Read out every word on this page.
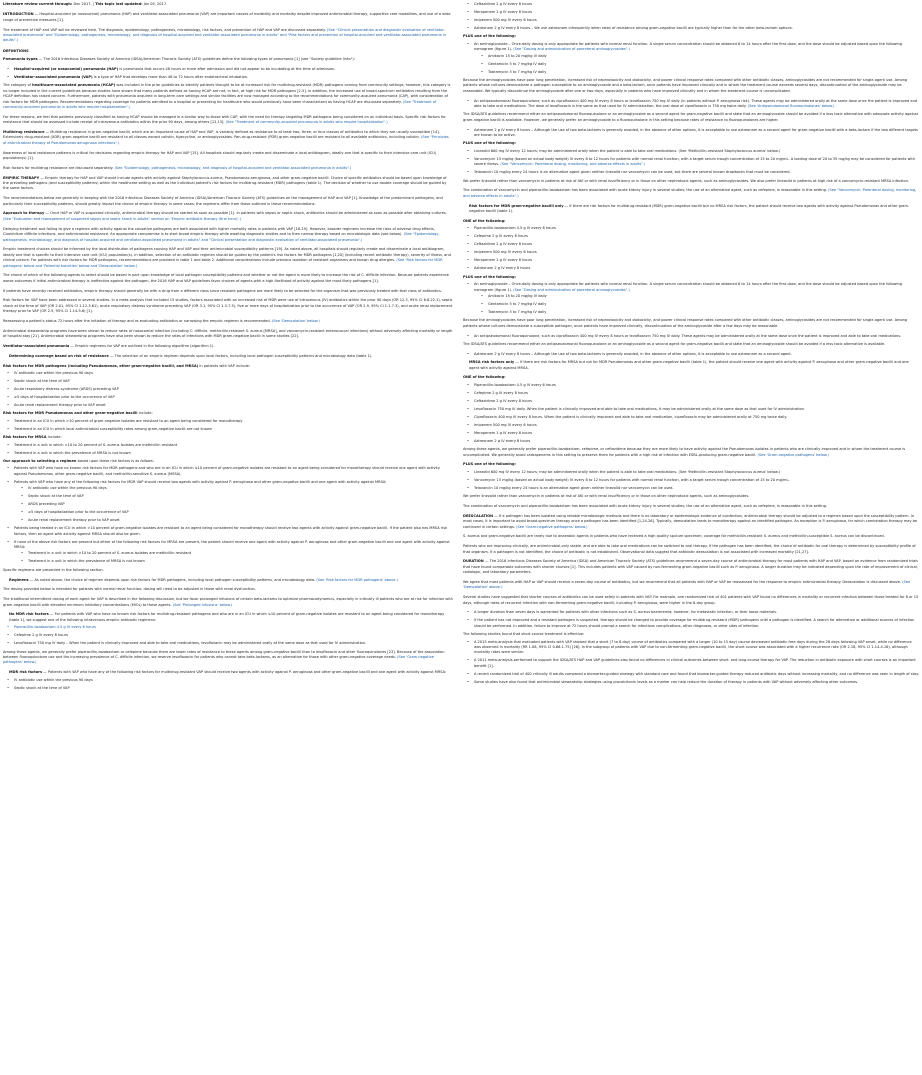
Literature review current through: Dec 2017. | This topic last updated: Jan 05, 2017.
INTRODUCTION — Hospital-acquired (or nosocomial) pneumonia (HAP) and ventilator-associated pneumonia (VAP) are important causes of morbidity and mortality despite improved antimicrobial therapy, supportive care modalities, and use of a wide range of preventive measures [1].
The treatment of HAP and VAP will be reviewed here. The diagnosis, epidemiology, pathogenesis, microbiology, risk factors, and prevention of HAP and VAP are discussed separately. (See "Clinical presentation and diagnostic evaluation of ventilator-associated pneumonia" and "Epidemiology, pathogenesis, microbiology, and diagnosis of hospital-acquired and ventilator-associated pneumonia in adults" and "Risk factors and prevention of hospital-acquired and ventilator-associated pneumonia in adults".)
DEFINITIONS
Pneumonia types — The 2016 Infectious Diseases Society of America (IDSA)/American Thoracic Society (ATS) guidelines define the following types of pneumonia [1] (see "Society guideline links"):
• Hospital-acquired (or nosocomial) pneumonia (HAP) is pneumonia that occurs 48 hours or more after admission and did not appear to be incubating at the time of admission.
• Ventilator-associated pneumonia (VAP) is a type of HAP that develops more than 48 to 72 hours after endotracheal intubation.
The category of healthcare-associated pneumonia (HCAP) was included in the prior guidelines to identify patients thought to be at increased risk for multidrug-resistant (MDR) pathogens coming from community settings; however, this category is no longer included in the current guidelines because studies have shown that many patients defined as having HCAP are not, in fact, at high risk for MDR pathogens [2-5]. In addition, the increased use of broad-spectrum antibiotics resulting from the HCAP definition has raised concern. Furthermore, patients with pneumonia acquired in long-term care settings and similar facilities are now managed according to the recommendations for community-acquired pneumonia (CAP), with consideration of risk factors for MDR pathogens. Recommendations regarding coverage for patients admitted to a hospital or presenting for healthcare who would previously have been characterized as having HCAP are discussed separately. (See "Treatment of community-acquired pneumonia in adults who require hospitalization".)
For these reasons, we feel that patients previously classified as having HCAP should be managed in a similar way to those with CAP, with the need for therapy targeting MDR pathogens being considered on an individual basis. Specific risk factors for resistance that should be assessed include receipt of intravenous antibiotics within the prior 90 days, among others [12,13]. (See "Treatment of community-acquired pneumonia in adults who require hospitalization".)
Multidrug resistance — Multidrug resistance in gram-negative bacilli, which are an important cause of HAP and VAP, is variably defined as resistance to at least two, three, or four classes of antibiotics to which they are usually susceptible [14]. Extensively drug-resistant (XDR) gram-negative bacilli are resistant to all classes except colistin, tigecycline, or aminoglycosides. Pan-drug-resistant (PDR) gram-negative bacilli are resistant to all available antibiotics, including colistin. (See "Principles of antimicrobial therapy of Pseudomonas aeruginosa infections".)
Awareness of local resistance patterns is critical for decisions regarding empiric therapy for HAP and VAP [15]. All hospitals should regularly create and disseminate a local antibiogram, ideally one that is specific to their intensive care unit (ICU) population(s) [1].
Risk factors for multidrug resistance are discussed separately. (See "Epidemiology, pathogenesis, microbiology, and diagnosis of hospital-acquired and ventilator-associated pneumonia in adults".)
EMPIRIC THERAPY — Empiric therapy for HAP and VAP should include agents with activity against Staphylococcus aureus, Pseudomonas aeruginosa, and other gram-negative bacilli. Choice of specific antibiotics should be based upon knowledge of the prevailing pathogens (and susceptibility patterns) within the healthcare setting as well as the individual patient's risk factors for multidrug-resistant (MDR) pathogens (table 1). The decision of whether to use double coverage should be guided by the same factors.
The recommendations below are generally in keeping with the 2016 Infectious Diseases Society of America (IDSA)/American Thoracic Society (ATS) guidelines on the management of HAP and VAP [1]. Knowledge of the predominant pathogens, and particularly their susceptibility patterns, should greatly impact the choice of empiric therapy in some cases; the regimens differ from those outlined in these recommendations.
Approach to therapy — Once HAP or VAP is suspected clinically, antimicrobial therapy should be started as soon as possible [1]. In patients with sepsis or septic shock, antibiotics should be administered as soon as possible after obtaining cultures. (See "Evaluation and management of suspected sepsis and septic shock in adults" section on 'Empiric antibiotic therapy (first hour)'.)
Delaying treatment and failing to give a regimen with activity against the causative pathogens are both associated with higher mortality rates in patients with VAP [16-19]. However, broader regimens increase the risks of adverse drug effects, Clostridium difficile infections, and antimicrobial resistance. An appropriate compromise is to start broad empiric therapy while awaiting diagnostic studies and to then narrow therapy based on microbiologic data (see below). (See "Epidemiology, pathogenesis, microbiology, and diagnosis of hospital-acquired and ventilator-associated pneumonia in adults" and "Clinical presentation and diagnostic evaluation of ventilator-associated pneumonia".)
Empiric treatment choices should be informed by the local distribution of pathogens causing HAP and VAP and their antimicrobial susceptibility patterns [19]. As noted above, all hospitals should regularly create and disseminate a local antibiogram, ideally one that is specific to their intensive care unit (ICU) population(s). In addition, selection of an antibiotic regimen should be guided by the patient's risk factors for MDR pathogens [1,20] (including recent antibiotic therapy), severity of illness, and clinical picture. For patients with risk factors for MDR pathogens, recommendations are provided in table 1 and table 2. Additional considerations include previous isolation of resistant organisms and known drug allergies. (See 'Risk factors for MDR pathogens' below and 'Potential toxicities' below and 'Deescalation' below.)
The choice of which of the following agents to select should be based in part upon knowledge of local pathogen susceptibility patterns and whether or not the agent is more likely to increase the risk of C. difficile infection. Because patients experience worse outcomes if initial antimicrobial therapy is ineffective against the pathogen, the 2016 HAP and VAP guidelines favor choices of agents with a high likelihood of activity against the most likely pathogens [1].
If patients have recently received antibiotics, empiric therapy should generally be with a drug from a different class since resistant pathogens are more likely to be selected for the organism that was previously treated with that class of antibiotics.
Risk factors for VAP have been addressed in several studies. In a meta-analysis that included 15 studies, factors associated with an increased risk of MDR were use of intravenous (IV) antibiotics within the prior 90 days (OR 12.3, 95% CI 6.8-22.1), septic shock at the time of VAP (OR 2.01, 95% CI 1.12-3.61), acute respiratory distress syndrome preceding VAP (OR 3.1, 95% CI 1.3-7.5), five or more days of hospitalization prior to the occurrence of VAP (OR 2.9, 95% CI 1.1-7.3), and acute renal replacement therapy prior to VAP (OR 2.5, 95% CI 1.14-5.6) [1].
Reassessing a patient's status 72 hours after the initiation of therapy and re-evaluating antibiotics or narrowing the empiric regimen is recommended. (See 'Deescalation' below.)
Antimicrobial stewardship programs have been shown to reduce rates of nosocomial infection (including C. difficile, methicillin-resistant S. aureus [MRSA], and vancomycin-resistant enterococcal infections) without adversely affecting mortality or length of hospital stay [21]. Antimicrobial stewardship programs have also been shown to reduce the rates of infections with MDR gram-negative bacilli in some studies [22].
Ventilator-associated pneumonia — Empiric regimens for VAP are outlined in the following algorithm (algorithm 1).
Determining coverage based on risk of resistance — The selection of an empiric regimen depends upon local factors, including local pathogen susceptibility patterns and microbiology data (table 1).
Risk factors for MDR pathogens (including Pseudomonas, other gram-negative bacilli, and MRSA) in patients with VAP include:
• IV antibiotic use within the previous 90 days
• Septic shock at the time of VAP
• Acute respiratory distress syndrome (ARDS) preceding VAP
• ≥5 days of hospitalization prior to the occurrence of VAP
• Acute renal replacement therapy prior to VAP onset
Risk factors for MDR Pseudomonas and other gram-negative bacilli include:
• Treatment in an ICU in which >10 percent of gram-negative isolates are resistant to an agent being considered for monotherapy
• Treatment in an ICU in which local antimicrobial susceptibility rates among gram-negative bacilli are not known
Risk factors for MRSA include:
• Treatment in a unit in which >10 to 20 percent of S. aureus isolates are methicillin resistant
• Treatment in a unit in which the prevalence of MRSA is not known
Our approach to selecting a regimen based upon these risk factors is as follows:
• Patients with VAP who have no known risk factors for MDR pathogens and who are in an ICU in which ≤10 percent of gram-negative isolates are resistant to an agent being considered for monotherapy should receive one agent with activity against Pseudomonas, other gram-negative bacilli, and methicillin-sensitive S. aureus (MSSA).
• Patients with VAP who have any of the following risk factors for MDR VAP should receive two agents with activity against P. aeruginosa and other gram-negative bacilli and one agent with activity against MRSA:
• IV antibiotic use within the previous 90 days
• Septic shock at the time of VAP
• ARDS preceding VAP
• ≥5 days of hospitalization prior to the occurrence of VAP
• Acute renal replacement therapy prior to VAP onset
• Patients being treated in an ICU in which >10 percent of gram-negative isolates are resistant to an agent being considered for monotherapy should receive two agents with activity against gram-negative bacilli. If the patient also has MRSA risk factors, then an agent with activity against MRSA should also be given.
• If none of the above risk factors are present but either of the following risk factors for MRSA are present, the patient should receive one agent with activity against P. aeruginosa and other gram-negative bacilli and one agent with activity against MRSA:
• Treatment in a unit in which >10 to 20 percent of S. aureus isolates are methicillin resistant
• Treatment in a unit in which the prevalence of MRSA is not known
Specific regimens are presented in the following section.
Regimens — As noted above, the choice of regimen depends upon risk factors for MDR pathogens, including local pathogen susceptibility patterns, and microbiology data. (See 'Risk factors for MDR pathogens' above.)
The dosing provided below is intended for patients with normal renal function; dosing will need to be adjusted in those with renal dysfunction.
The traditional intermittent dosing of each agent for VAP is described in the following discussion, but we favor prolonged infusions of certain beta-lactams to optimize pharmacodynamics, especially in critically ill patients who are at risk for infection with gram-negative bacilli with elevated minimum inhibitory concentrations (MICs) to these agents. (See 'Prolonged infusions' below.)
No MDR risk factors — For patients with VAP who have no known risk factors for multidrug-resistant pathogens and who are in an ICU in which ≤10 percent of gram-negative isolates are resistant to an agent being considered for monotherapy (table 1), we suggest one of the following intravenous empiric antibiotic regimens:
• Piperacillin-tazobactam 4.5 g IV every 6 hours
• Cefepime 2 g IV every 8 hours
• Levofloxacin 750 mg IV daily – When the patient is clinically improved and able to take oral medications, levofloxacin may be administered orally at the same dose as that used for IV administration.
Among these agents, we generally prefer piperacillin-tazobactam or cefepime because there are lower rates of resistance to these agents among gram-negative bacilli than to levofloxacin and other fluoroquinolones [23]. Because of the association between fluoroquinolone use and the increasing prevalence of C. difficile infection, we reserve levofloxacin for patients who cannot take beta-lactams, as an alternative for those with other gram-negative coverage needs. (See 'Gram-negative pathogens' below.)
MDR risk factors — Patients with VAP who have any of the following risk factors for multidrug-resistant VAP should receive two agents with activity against P. aeruginosa and other gram-negative bacilli and one agent with activity against MRSA:
• IV antibiotic use within the previous 90 days
• Septic shock at the time of VAP
• Ceftazidime 2 g IV every 8 hours
• Meropenem 1 g IV every 8 hours
• Imipenem 500 mg IV every 6 hours
• Aztreonam 2 g IV every 8 hours – We use aztreonam infrequently when rates of resistance among gram-negative bacilli are typically higher than for the other beta-lactam options.
PLUS one of the following:
• An aminoglycoside – Once-daily dosing is only appropriate for patients with normal renal function. A single serum concentration should be obtained 6 to 14 hours after the first dose, and the dose should be adjusted based upon the following nomogram (figure 1). (See "Dosing and administration of parenteral aminoglycosides".)
• Amikacin 15 to 20 mg/kg IV daily
• Gentamicin 5 to 7 mg/kg IV daily
• Tobramycin 5 to 7 mg/kg IV daily
Because the aminoglycosides have poor lung penetration, increased risk of nephrotoxicity and ototoxicity, and poorer clinical response rates compared with other antibiotic classes, aminoglycosides are not recommended for single-agent use. Among patients whose cultures demonstrate a pathogen susceptible to an aminoglycoside and a beta-lactam, once patients have improved clinically and in whom the treatment course exceeds several days, discontinuation of the aminoglycoside may be reasonable. We typically discontinue the aminoglycoside after one or two days, especially in patients who have improved clinically and in whom the treatment course is uncomplicated.
• An antipseudomonal fluoroquinolone, such as ciprofloxacin 400 mg IV every 8 hours or levofloxacin 750 mg IV daily (in patients without P. aeruginosa risk). These agents may be administered orally at the same dose once the patient is improved and able to take oral medications. The dose of levofloxacin is the same as that used for IV administration; the oral dose of ciprofloxacin is 750 mg twice daily. (See 'Antipseudomonal fluoroquinolones' below.)
The IDSA/ATS guidelines recommend either an antipseudomonal fluoroquinolone or an aminoglycoside as a second agent for gram-negative bacilli and state that an aminoglycoside should be avoided if a less toxic alternative with adequate activity against gram-negative bacilli is available. However, we generally prefer an aminoglycoside to a fluoroquinolone in this setting because rates of resistance to fluoroquinolones are higher.
• Aztreonam 2 g IV every 8 hours – Although the use of two beta-lactams is generally avoided, in the absence of other options, it is acceptable to use aztreonam as a second agent for gram-negative bacilli with a beta-lactam if the two different targets are known to be active.
PLUS one of the following:
• Linezolid 600 mg IV every 12 hours; may be administered orally when the patient is able to take oral medications. (See 'Methicillin-resistant Staphylococcus aureus' below.)
• Vancomycin 15 mg/kg (based on actual body weight) IV every 8 to 12 hours for patients with normal renal function, with a target serum trough concentration of 15 to 20 mg/mL. A loading dose of 20 to 35 mg/kg may be considered for patients with severe illness. (See "Vancomycin: Parenteral dosing, monitoring, and adverse effects in adults".)
• Telavancin 10 mg/kg every 24 hours is an alternative agent given neither linezolid nor vancomycin can be used, but there are several known drawbacks that must be considered.
We prefer linezolid rather than vancomycin in patients at risk of AKI or with renal insufficiency or in those on other nephrotoxic agents, such as aminoglycosides. We also prefer linezolid in patients at high risk of a vancomycin-resistant MRSA infection.
The combination of vancomycin and piperacillin-tazobactam has been associated with acute kidney injury in several studies; the use of an alternative agent, such as cefepime, is reasonable in this setting. (See "Vancomycin: Parenteral dosing, monitoring, and adverse effects in adults".)
Risk factors for MDR gram-negative bacilli only — If there are risk factors for multidrug-resistant (MDR) gram-negative bacilli but no MRSA risk factors, the patient should receive two agents with activity against Pseudomonas and other gram-negative bacilli (table 1).
ONE of the following:
• Piperacillin-tazobactam 4.5 g IV every 6 hours
• Cefepime 2 g IV every 8 hours
• Ceftazidime 2 g IV every 8 hours
• Imipenem 500 mg IV every 6 hours
• Meropenem 1 g IV every 8 hours
• Aztreonam 2 g IV every 8 hours
PLUS one of the following:
• An aminoglycoside – Once-daily dosing is only appropriate for patients with normal renal function. A single serum concentration should be obtained 6 to 14 hours after the first dose, and the dose should be adjusted based upon the following nomogram (figure 1). (See "Dosing and administration of parenteral aminoglycosides".)
• Amikacin 15 to 20 mg/kg IV daily
• Gentamicin 5 to 7 mg/kg IV daily
• Tobramycin 5 to 7 mg/kg IV daily
Because the aminoglycosides have poor lung penetration, increased risk of nephrotoxicity and ototoxicity, and poorer clinical response rates compared with other antibiotic classes, aminoglycosides are not recommended for single-agent use. Among patients whose cultures demonstrate a susceptible pathogen, once patients have improved clinically, discontinuation of the aminoglycoside after a few days may be reasonable.
• An antipseudomonal fluoroquinolone, such as ciprofloxacin 400 mg IV every 8 hours or levofloxacin 750 mg IV daily. These agents may be administered orally at the same dose once the patient is improved and able to take oral medications.
The IDSA/ATS guidelines recommend either an antipseudomonal fluoroquinolone or an aminoglycoside as a second agent for gram-negative bacilli and state that an aminoglycoside should be avoided if a less toxic alternative is available.
• Aztreonam 2 g IV every 8 hours – Although the use of two beta-lactams is generally avoided, in the absence of other options, it is acceptable to use aztreonam as a second agent.
MRSA risk factors only — If there are risk factors for MRSA but not for MDR Pseudomonas and other gram-negative bacilli (table 1), the patient should receive one agent with activity against P. aeruginosa and other gram-negative bacilli and one agent with activity against MRSA.
ONE of the following:
• Piperacillin-tazobactam 4.5 g IV every 6 hours
• Cefepime 2 g IV every 8 hours
• Ceftazidime 2 g IV every 8 hours
• Levofloxacin 750 mg IV daily. When the patient is clinically improved and able to take oral medications, it may be administered orally at the same dose as that used for IV administration.
• Ciprofloxacin 400 mg IV every 8 hours. When the patient is clinically improved and able to take oral medication, ciprofloxacin may be administered orally at 750 mg twice daily.
• Imipenem 500 mg IV every 6 hours
• Meropenem 1 g IV every 8 hours
• Aztreonam 2 g IV every 8 hours
Among these agents, we generally prefer piperacillin-tazobactam, cefepime, or ceftazidime because they are more likely to have activity against the Pseudomonas isolates in patients who are clinically improved and in whom the treatment course is uncomplicated. We generally avoid carbapenems in this setting to preserve them for patients with a high risk of infection with ESBL-producing gram-negative bacilli. (See 'Gram-negative pathogens' below.)
PLUS one of the following:
• Linezolid 600 mg IV every 12 hours; may be administered orally when the patient is able to take oral medications. (See 'Methicillin-resistant Staphylococcus aureus' below.)
• Vancomycin 15 mg/kg (based on actual body weight) IV every 8 to 12 hours for patients with normal renal function, with a target serum trough concentration of 15 to 20 mg/mL.
• Telavancin 10 mg/kg every 24 hours is an alternative agent given neither linezolid nor vancomycin can be used.
We prefer linezolid rather than vancomycin in patients at risk of AKI or with renal insufficiency or in those on other nephrotoxic agents, such as aminoglycosides.
The combination of vancomycin and piperacillin-tazobactam has been associated with acute kidney injury in several studies; the use of an alternative agent, such as cefepime, is reasonable in this setting.
DEESCALATION — If a pathogen has been isolated using reliable microbiologic methods and there is no laboratory or epidemiologic evidence of coinfection, antimicrobial therapy should be adjusted to a regimen based upon the susceptibility pattern. In most cases, it is important to avoid broad-spectrum therapy once a pathogen has been identified [1,24-26]. Typically, deescalation leads to monotherapy against an identified pathogen. An exception is P. aeruginosa, for which combination therapy may be continued in certain settings. (See 'Gram-negative pathogens' below.)
S. aureus and gram-negative bacilli are rarely due to anaerobic agents in patients who have received a high quality sputum specimen; coverage for methicillin-resistant S. aureus and methicillin-susceptible S. aureus can be discontinued.
Patients who are improving clinically, are antimicrobial-only stable, and are able to take oral medications can be switched to oral therapy. If the pathogen has been identified, the choice of antibiotic for oral therapy is determined by susceptibility profile of that organism. If a pathogen is not identified, the choice of antibiotic is not established. Observational data suggest that antibiotic deescalation is not associated with increased mortality [21,27].
DURATION — The 2016 Infectious Diseases Society of America (IDSA) and American Thoracic Society (ATS) guidelines recommend a seven-day course of antimicrobial therapy for most patients with HAP and VAP, based on evidence from randomized trials that have found comparable outcomes with shorter courses [1]. This includes patients with VAP caused by non-fermenting gram-negative bacilli such as P. aeruginosa. A longer duration may be indicated depending upon the rate of improvement of clinical, radiologic, and laboratory parameters.
We agree that most patients with HAP or VAP should receive a seven-day course of antibiotics, but we recommend that all patients with HAP or VAP be reassessed for the response to empiric antimicrobial therapy. Deescalation is discussed above. (See 'Deescalation' above.)
Several studies have suggested that shorter courses of antibiotics can be used safely in patients with VAP. For example, one randomized trial of 401 patients with VAP found no differences in mortality or recurrent infection between those treated for 8 or 15 days, although rates of recurrent infection with non-fermenting gram-negative bacilli, including P. aeruginosa, were higher in the 8-day group.
• A longer duration than seven days is warranted for patients with other infections such as S. aureus bacteremia; however, for metastatic infection, or their loose materials.
• If the patient has not improved and a resistant pathogen is suspected, therapy should be changed to provide coverage for multidrug-resistant (MDR) pathogens until a pathogen is identified. A search for alternative or additional sources of infection should be performed. In addition, failure to improve at 72 hours should prompt a search for infectious complications, other diagnoses, or other sites of infection.
The following studies found that short-course treatment is effective:
• A 2015 meta-analysis that evaluated patients with VAP showed that a short (7 to 8 day) course of antibiotics compared with a longer (10 to 15 day) course decreased antibiotic-free days during the 28 days following VAP onset, while no difference was observed in mortality (RR 1.08, 95% CI 0.66-1.75) [28]. In the subgroup of patients with VAP due to non-fermenting gram-negative bacilli, the short course was associated with a higher recurrence rate (OR 2.18, 95% CI 1.14-4.16), although mortality rates were similar.
• A 2011 meta-analysis performed to support the IDSA/ATS HAP and VAP guidelines also found no differences in clinical outcomes between short- and long-course therapy for VAP. The reduction in antibiotic exposure with short courses is an important benefit [1].
• A recent randomized trial of 400 critically ill adults compared a biomarker-guided strategy with standard care and found that biomarker-guided therapy reduced antibiotic days without increasing mortality, and no difference was seen in length of stay.
• Some studies have also found that antimicrobial stewardship strategies using procalcitonin levels as a marker can help reduce the duration of therapy in patients with VAP without adversely affecting other outcomes.
